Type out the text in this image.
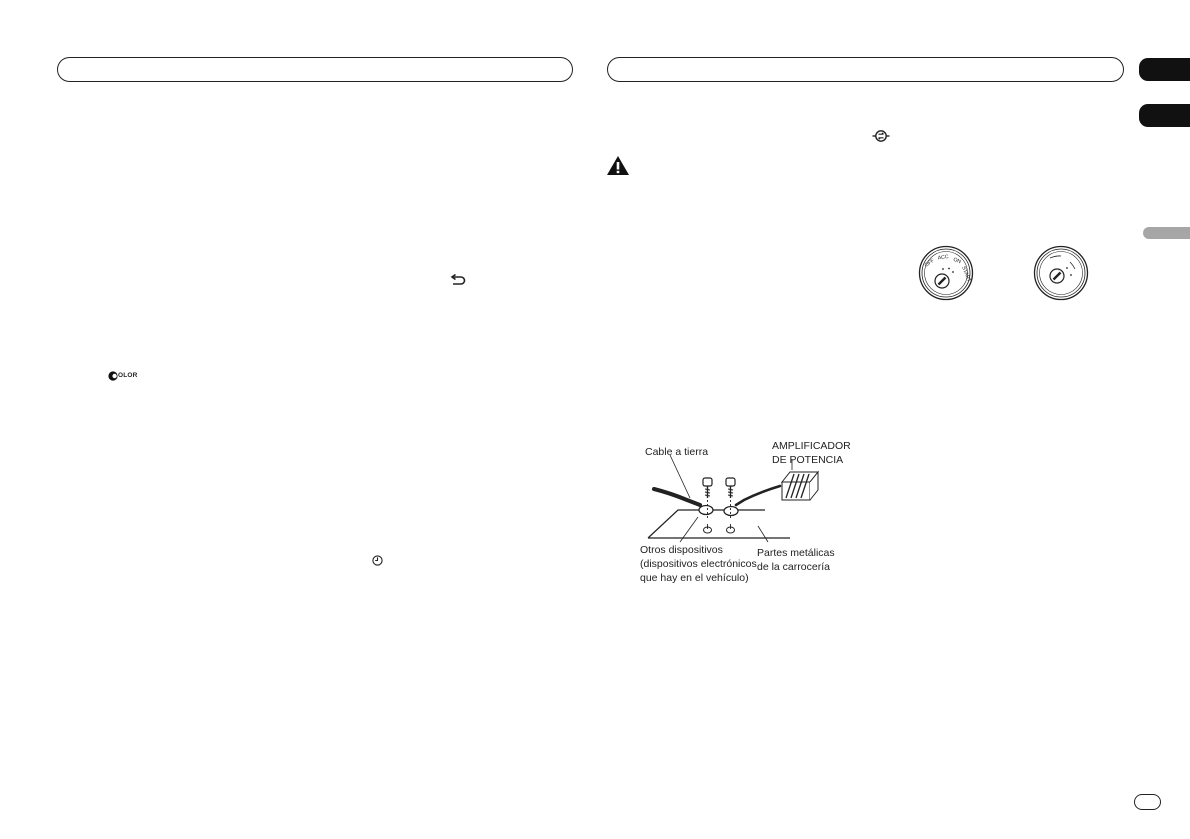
OLOR
OFF
ACC ON
START
Cable a tierra	AMPLIFICADOR
DE POTENCIA
Otros dispositivos
(dispositivos electrónicos
que hay en el vehículo)
Partes metálicas
de la carrocería
